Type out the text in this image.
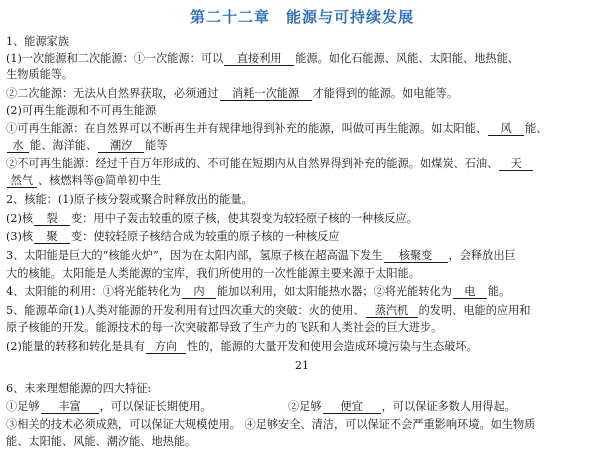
第二十二章　能源与可持续发展
1、能源家族
(1)一次能源和二次能源：①一次能源：可以 直接利用 能源。如化石能源、风能、太阳能、地热能、
生物质能等。
②二次能源：无法从自然界获取，必须通过 消耗一次能源 才能得到的能源。如电能等。
(2)可再生能源和不可再生能源
①可再生能源：在自然界可以不断再生并有规律地得到补充的能源，叫做可再生能源。如太阳能、 风 能、
水 能、海洋能、 潮汐 能等
②不可再生能源：经过千百万年形成的、不可能在短期内从自然界得到补充的能源。如煤炭、石油、 天
然气 、核燃料等@简单初中生
2、核能：(1)原子核分裂或聚合时释放出的能量。
(2)核 裂 变：用中子轰击较重的原子核，使其裂变为较轻原子核的一种核反应。
(3)核 聚 变：使较轻原子核结合成为较重的原子核的一种核反应
3、太阳能是巨大的“核能火炉”，因为在太阳内部，氢原子核在超高温下发生 核聚变 ，会释放出巨
大的核能。太阳能是人类能源的宝库，我们所使用的一次性能源主要来源于太阳能。
4、太阳能的利用：①将光能转化为 内 能加以利用，如太阳能热水器；②将光能转化为 电 能。
5、能源革命(1)人类对能源的开发利用有过四次重大的突破：火的使用、 蒸汽机 的发明、电能的应用和
原子核能的开发。能源技术的每一次突破都导致了生产力的飞跃和人类社会的巨大进步。
(2)能量的转移和转化是具有 方向 性的，能源的大量开发和使用会造成环境污染与生态破坏。
21
6、未来理想能源的四大特征:
①足够 丰富 ，可以保证长期使用。	②足够 便宜 ，可以保证多数人用得起。
③相关的技术必须成熟，可以保证大规模使用。 ④足够安全、清洁，可以保证不会严重影响环境。如生物质
能、太阳能、风能、潮汐能、地热能。
